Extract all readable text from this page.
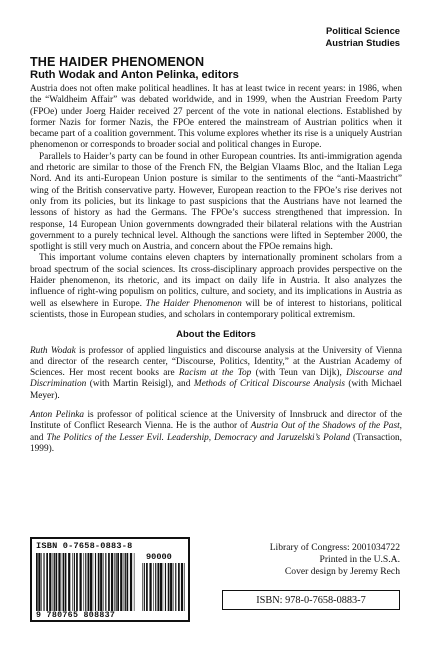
Political Science
Austrian Studies
THE HAIDER PHENOMENON
Ruth Wodak and Anton Pelinka, editors

Austria does not often make political headlines. It has at least twice in recent years: in 1986, when the “Waldheim Affair” was debated worldwide, and in 1999, when the Austrian Freedom Party (FPOe) under Joerg Haider received 27 percent of the vote in national elections. Established by former Nazis for former Nazis, the FPOe entered the mainstream of Austrian politics when it became part of a coalition government. This volume explores whether its rise is a uniquely Austrian phenomenon or corresponds to broader social and political changes in Europe.

Parallels to Haider’s party can be found in other European countries. Its anti-immigration agenda and rhetoric are similar to those of the French FN, the Belgian Vlaams Bloc, and the Italian Lega Nord. And its anti-European Union posture is similar to the sentiments of the “anti-Maastricht” wing of the British conservative party. However, European reaction to the FPOe’s rise derives not only from its policies, but its linkage to past suspicions that the Austrians have not learned the lessons of history as had the Germans. The FPOe’s success strengthened that impression. In response, 14 European Union governments downgraded their bilateral relations with the Austrian government to a purely technical level. Although the sanctions were lifted in September 2000, the spotlight is still very much on Austria, and concern about the FPOe remains high.

This important volume contains eleven chapters by internationally prominent scholars from a broad spectrum of the social sciences. Its cross-disciplinary approach provides perspective on the Haider phenomenon, its rhetoric, and its impact on daily life in Austria. It also analyzes the influence of right-wing populism on politics, culture, and society, and its implications in Austria as well as elsewhere in Europe. The Haider Phenomenon will be of interest to historians, political scientists, those in European studies, and scholars in contemporary political extremism.

About the Editors

Ruth Wodak is professor of applied linguistics and discourse analysis at the University of Vienna and director of the research center, “Discourse, Politics, Identity,” at the Austrian Academy of Sciences. Her most recent books are Racism at the Top (with Teun van Dijk), Discourse and Discrimination (with Martin Reisigl), and Methods of Critical Discourse Analysis (with Michael Meyer).

Anton Pelinka is professor of political science at the University of Innsbruck and director of the Institute of Conflict Research Vienna. He is the author of Austria Out of the Shadows of the Past, and The Politics of the Lesser Evil. Leadership, Democracy and Jaruzelski’s Poland (Transaction, 1999).

ISBN 0-7658-0883-8
90000
9 780765 808837
Library of Congress: 2001034722
Printed in the U.S.A.
Cover design by Jeremy Rech
ISBN: 978-0-7658-0883-7
